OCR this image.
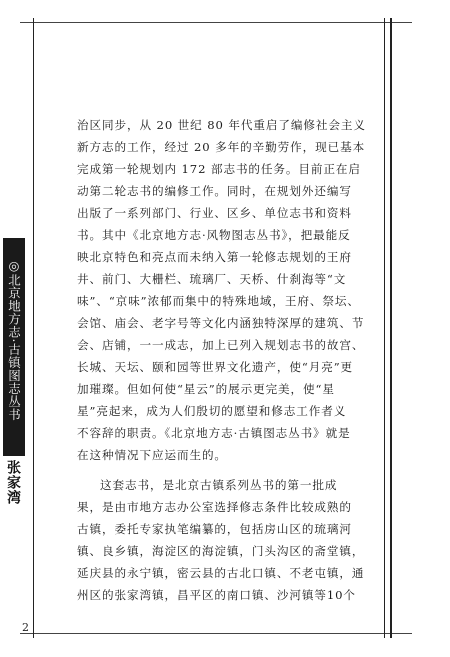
◎北京地方志·古镇图志丛书
张家湾

治区同步，从 20 世纪 80 年代重启了编修社会主义

新方志的工作，经过 20 多年的辛勤劳作，现已基本

完成第一轮规划内 172 部志书的任务。目前正在启

动第二轮志书的编修工作。同时，在规划外还编写

出版了一系列部门、行业、区乡、单位志书和资料

书。其中《北京地方志·风物图志丛书》，把最能反

映北京特色和亮点而未纳入第一轮修志规划的王府

井、前门、大栅栏、琉璃厂、天桥、什刹海等“文

味”、“京味”浓郁而集中的特殊地域，王府、祭坛、

会馆、庙会、老字号等文化内涵独特深厚的建筑、节

会、店铺，一一成志，加上已列入规划志书的故宫、

长城、天坛、颐和园等世界文化遗产，使“月亮”更

加璀璨。但如何使“星云”的展示更完美，使“星

星”亮起来，成为人们殷切的愿望和修志工作者义

不容辞的职责。《北京地方志·古镇图志丛书》就是

在这种情况下应运而生的。

这套志书，是北京古镇系列丛书的第一批成

果，是由市地方志办公室选择修志条件比较成熟的

古镇，委托专家执笔编纂的，包括房山区的琉璃河

镇、良乡镇，海淀区的海淀镇，门头沟区的斋堂镇，

延庆县的永宁镇，密云县的古北口镇、不老屯镇，通

州区的张家湾镇，昌平区的南口镇、沙河镇等10个

2
